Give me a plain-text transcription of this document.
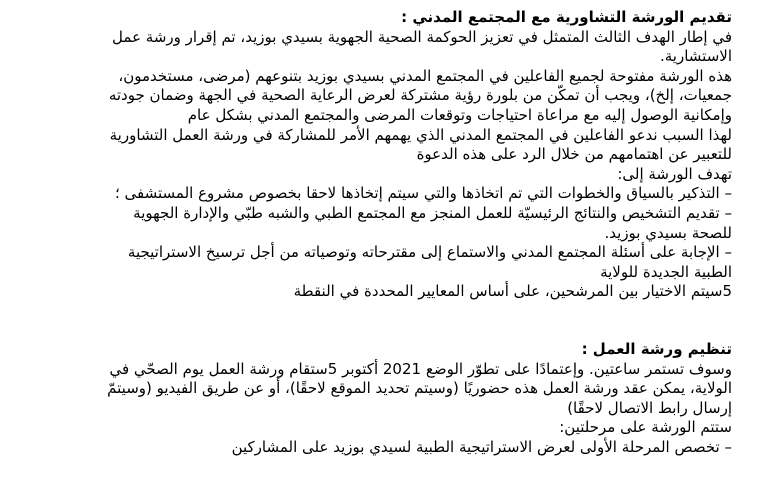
تقديم الورشة التشاورية مع المجتمع المدني :

في إطار الهدف الثالث المتمثل في تعزيز الحوكمة الصحية الجهوية بسيدي بوزيد، تم إقرار ورشة عمل الاستشارية.

هذه الورشة مفتوحة لجميع الفاعلين في المجتمع المدني بسيدي بوزيد بتنوعهم (مرضى، مستخدمون، جمعيات، إلخ)، ويجب أن تمكّن من بلورة رؤية مشتركة لعرض الرعاية الصحية في الجهة وضمان جودته وإمكانية الوصول إليه مع مراعاة احتياجات وتوقعات المرضى والمجتمع المدني بشكل عام

لهذا السبب ندعو الفاعلين في المجتمع المدني الذي يهمهم الأمر للمشاركة في ورشة العمل التشاورية للتعبير عن اهتمامهم من خلال الرد على هذه الدعوة

تهدف الورشة إلى:

– التذكير بالسياق والخطوات التي تم اتخاذها والتي سيتم إتخاذها لاحقا بخصوص مشروع المستشفى ؛

– تقديم التشخيص والنتائج الرئيسيّة للعمل المنجز مع المجتمع الطبي والشبه طبّي والإدارة الجهوية للصحة بسيدي بوزيد.

– الإجابة على أسئلة المجتمع المدني والاستماع إلى مقترحاته وتوصياته من أجل ترسيخ الاستراتيجية الطبية الجديدة للولاية

5سيتم الاختيار بين المرشحين، على أساس المعايير المحددة في النقطة

تنظيم ورشة العمل :

وسوف تستمر ساعتين. وإعتمادًا على تطوّر الوضع 2021 أكتوبر 5ستقام ورشة العمل يوم الصحّي في الولاية، يمكن عقد ورشة العمل هذه حضوريًا (وسيتم تحديد الموقع لاحقًا)، أو عن طريق الفيديو (وسيتمّ إرسال رابط الاتصال لاحقًا)

ستتم الورشة على مرحلتين:

– تخصص المرحلة الأولى لعرض الاستراتيجية الطبية لسيدي بوزيد على المشاركين
